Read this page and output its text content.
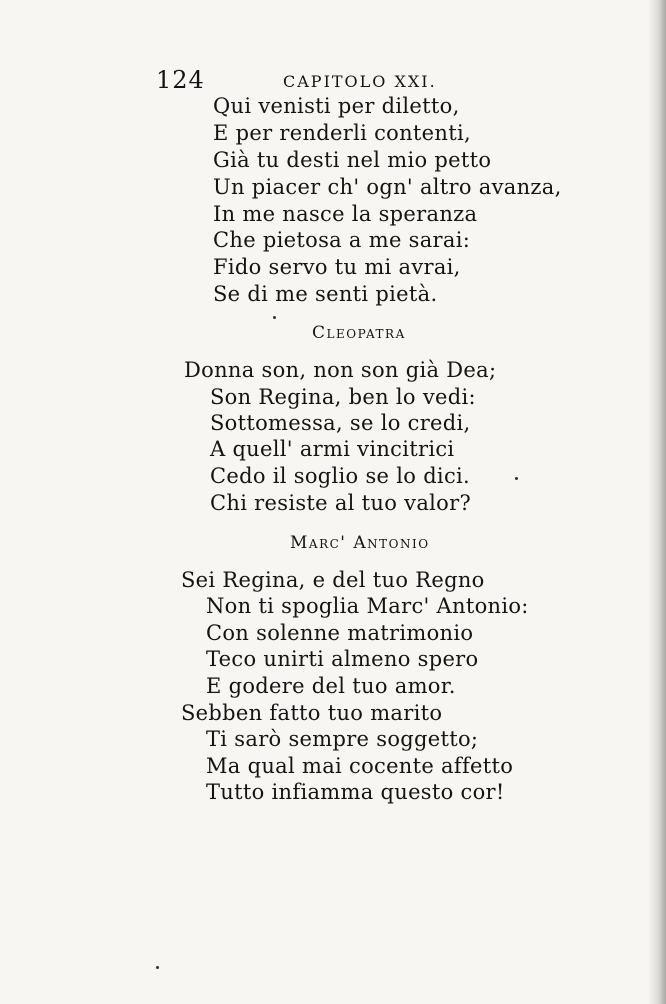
124	CAPITOLO XXI.
Qui venisti per diletto,
E per renderli contenti,
Già tu desti nel mio petto
Un piacer ch' ogn' altro avanza,
In me nasce la speranza
Che pietosa a me sarai:
Fido servo tu mi avrai,
Se di me senti pietà.
Cleopatra
Donna son, non son già Dea;
Son Regina, ben lo vedi:
Sottomessa, se lo credi,
A quell' armi vincitrici
Cedo il soglio se lo dici.
Chi resiste al tuo valor?
Marc' Antonio
Sei Regina, e del tuo Regno
Non ti spoglia Marc' Antonio:
Con solenne matrimonio
Teco unirti almeno spero
E godere del tuo amor.
Sebben fatto tuo marito
Ti sarò sempre soggetto;
Ma qual mai cocente affetto
Tutto infiamma questo cor!
